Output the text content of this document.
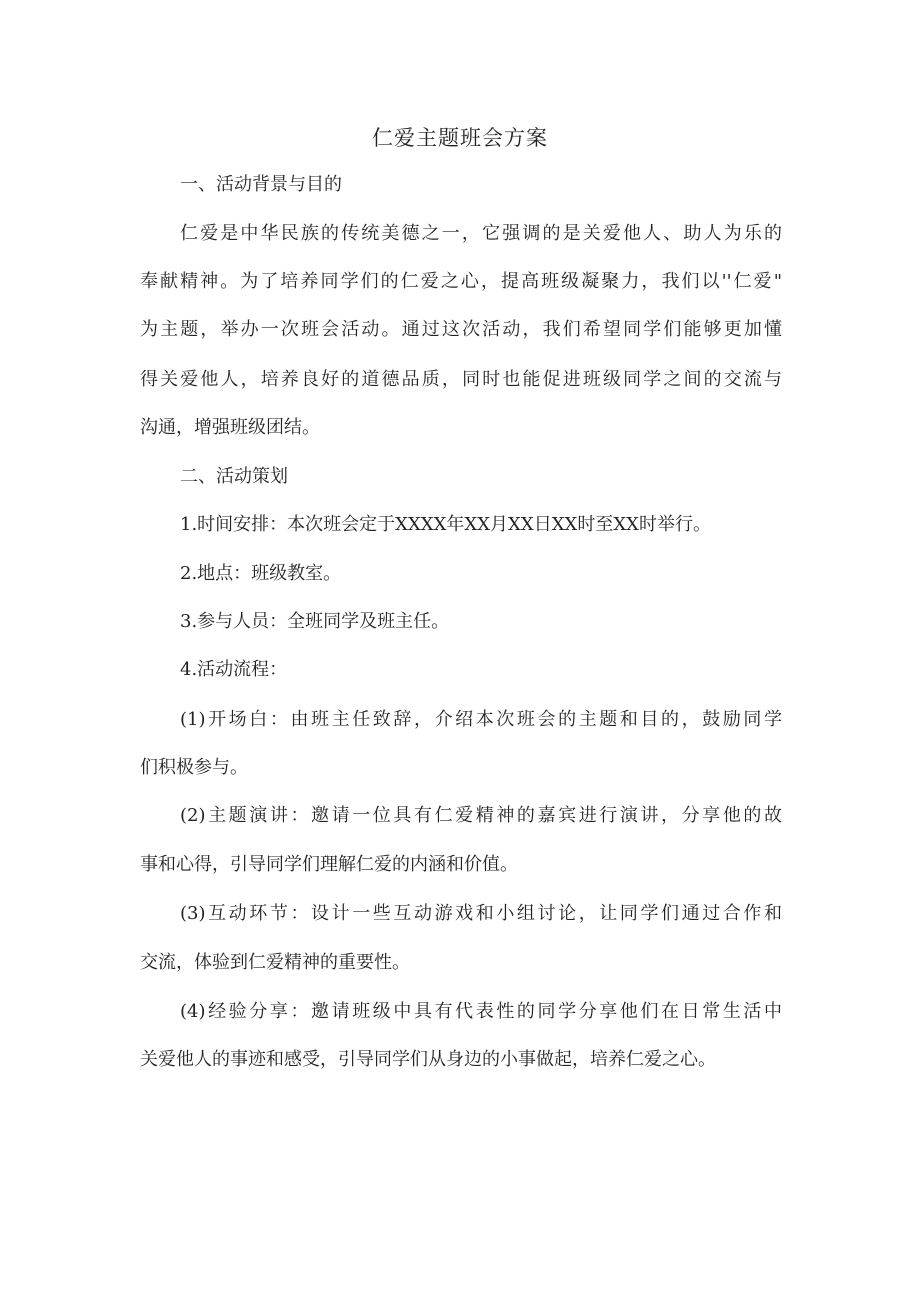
仁爱主题班会方案
一、活动背景与目的
仁爱是中华民族的传统美德之一，它强调的是关爱他人、助人为乐的
奉献精神。为了培养同学们的仁爱之心，提高班级凝聚力，我们以''仁爱"
为主题，举办一次班会活动。通过这次活动，我们希望同学们能够更加懂
得关爱他人，培养良好的道德品质，同时也能促进班级同学之间的交流与
沟通，增强班级团结。
二、活动策划
1.时间安排：本次班会定于XXXX年XX月XX日XX时至XX时举行。
2.地点：班级教室。
3.参与人员：全班同学及班主任。
4.活动流程：
(1)开场白：由班主任致辞，介绍本次班会的主题和目的，鼓励同学
们积极参与。
(2)主题演讲：邀请一位具有仁爱精神的嘉宾进行演讲，分享他的故
事和心得，引导同学们理解仁爱的内涵和价值。
(3)互动环节：设计一些互动游戏和小组讨论，让同学们通过合作和
交流，体验到仁爱精神的重要性。
(4)经验分享：邀请班级中具有代表性的同学分享他们在日常生活中
关爱他人的事迹和感受，引导同学们从身边的小事做起，培养仁爱之心。
